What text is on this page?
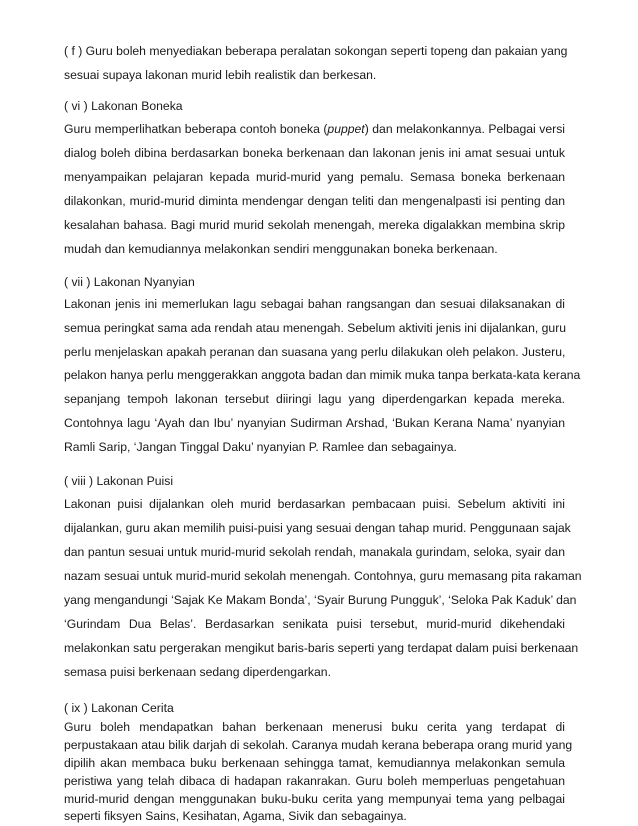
( f ) Guru boleh menyediakan beberapa peralatan sokongan seperti topeng dan pakaian yang
sesuai supaya lakonan murid lebih realistik dan berkesan.
( vi ) Lakonan Boneka
Guru memperlihatkan beberapa contoh boneka (puppet) dan melakonkannya. Pelbagai versi
dialog boleh dibina berdasarkan boneka berkenaan dan lakonan jenis ini amat sesuai untuk
menyampaikan pelajaran kepada murid-murid yang pemalu. Semasa boneka berkenaan
dilakonkan, murid-murid diminta mendengar dengan teliti dan mengenalpasti isi penting dan
kesalahan bahasa. Bagi murid murid sekolah menengah, mereka digalakkan membina skrip
mudah dan kemudiannya melakonkan sendiri menggunakan boneka berkenaan.
( vii ) Lakonan Nyanyian
Lakonan jenis ini memerlukan lagu sebagai bahan rangsangan dan sesuai dilaksanakan di
semua peringkat sama ada rendah atau menengah. Sebelum aktiviti jenis ini dijalankan, guru
perlu menjelaskan apakah peranan dan suasana yang perlu dilakukan oleh pelakon. Justeru,
pelakon hanya perlu menggerakkan anggota badan dan mimik muka tanpa berkata-kata kerana
sepanjang tempoh lakonan tersebut diiringi lagu yang diperdengarkan kepada mereka.
Contohnya lagu ‘Ayah dan Ibu’ nyanyian Sudirman Arshad, ‘Bukan Kerana Nama’ nyanyian
Ramli Sarip, ‘Jangan Tinggal Daku’ nyanyian P. Ramlee dan sebagainya.
( viii ) Lakonan Puisi
Lakonan puisi dijalankan oleh murid berdasarkan pembacaan puisi. Sebelum aktiviti ini
dijalankan, guru akan memilih puisi-puisi yang sesuai dengan tahap murid. Penggunaan sajak
dan pantun sesuai untuk murid-murid sekolah rendah, manakala gurindam, seloka, syair dan
nazam sesuai untuk murid-murid sekolah menengah. Contohnya, guru memasang pita rakaman
yang mengandungi ‘Sajak Ke Makam Bonda’, ‘Syair Burung Pungguk’, ‘Seloka Pak Kaduk’ dan
‘Gurindam Dua Belas’. Berdasarkan senikata puisi tersebut, murid-murid dikehendaki
melakonkan satu pergerakan mengikut baris-baris seperti yang terdapat dalam puisi berkenaan
semasa puisi berkenaan sedang diperdengarkan.
( ix ) Lakonan Cerita
Guru boleh mendapatkan bahan berkenaan menerusi buku cerita yang terdapat di
perpustakaan atau bilik darjah di sekolah. Caranya mudah kerana beberapa orang murid yang
dipilih akan membaca buku berkenaan sehingga tamat, kemudiannya melakonkan semula
peristiwa yang telah dibaca di hadapan rakanrakan. Guru boleh memperluas pengetahuan
murid-murid dengan menggunakan buku-buku cerita yang mempunyai tema yang pelbagai
seperti fiksyen Sains, Kesihatan, Agama, Sivik dan sebagainya.
